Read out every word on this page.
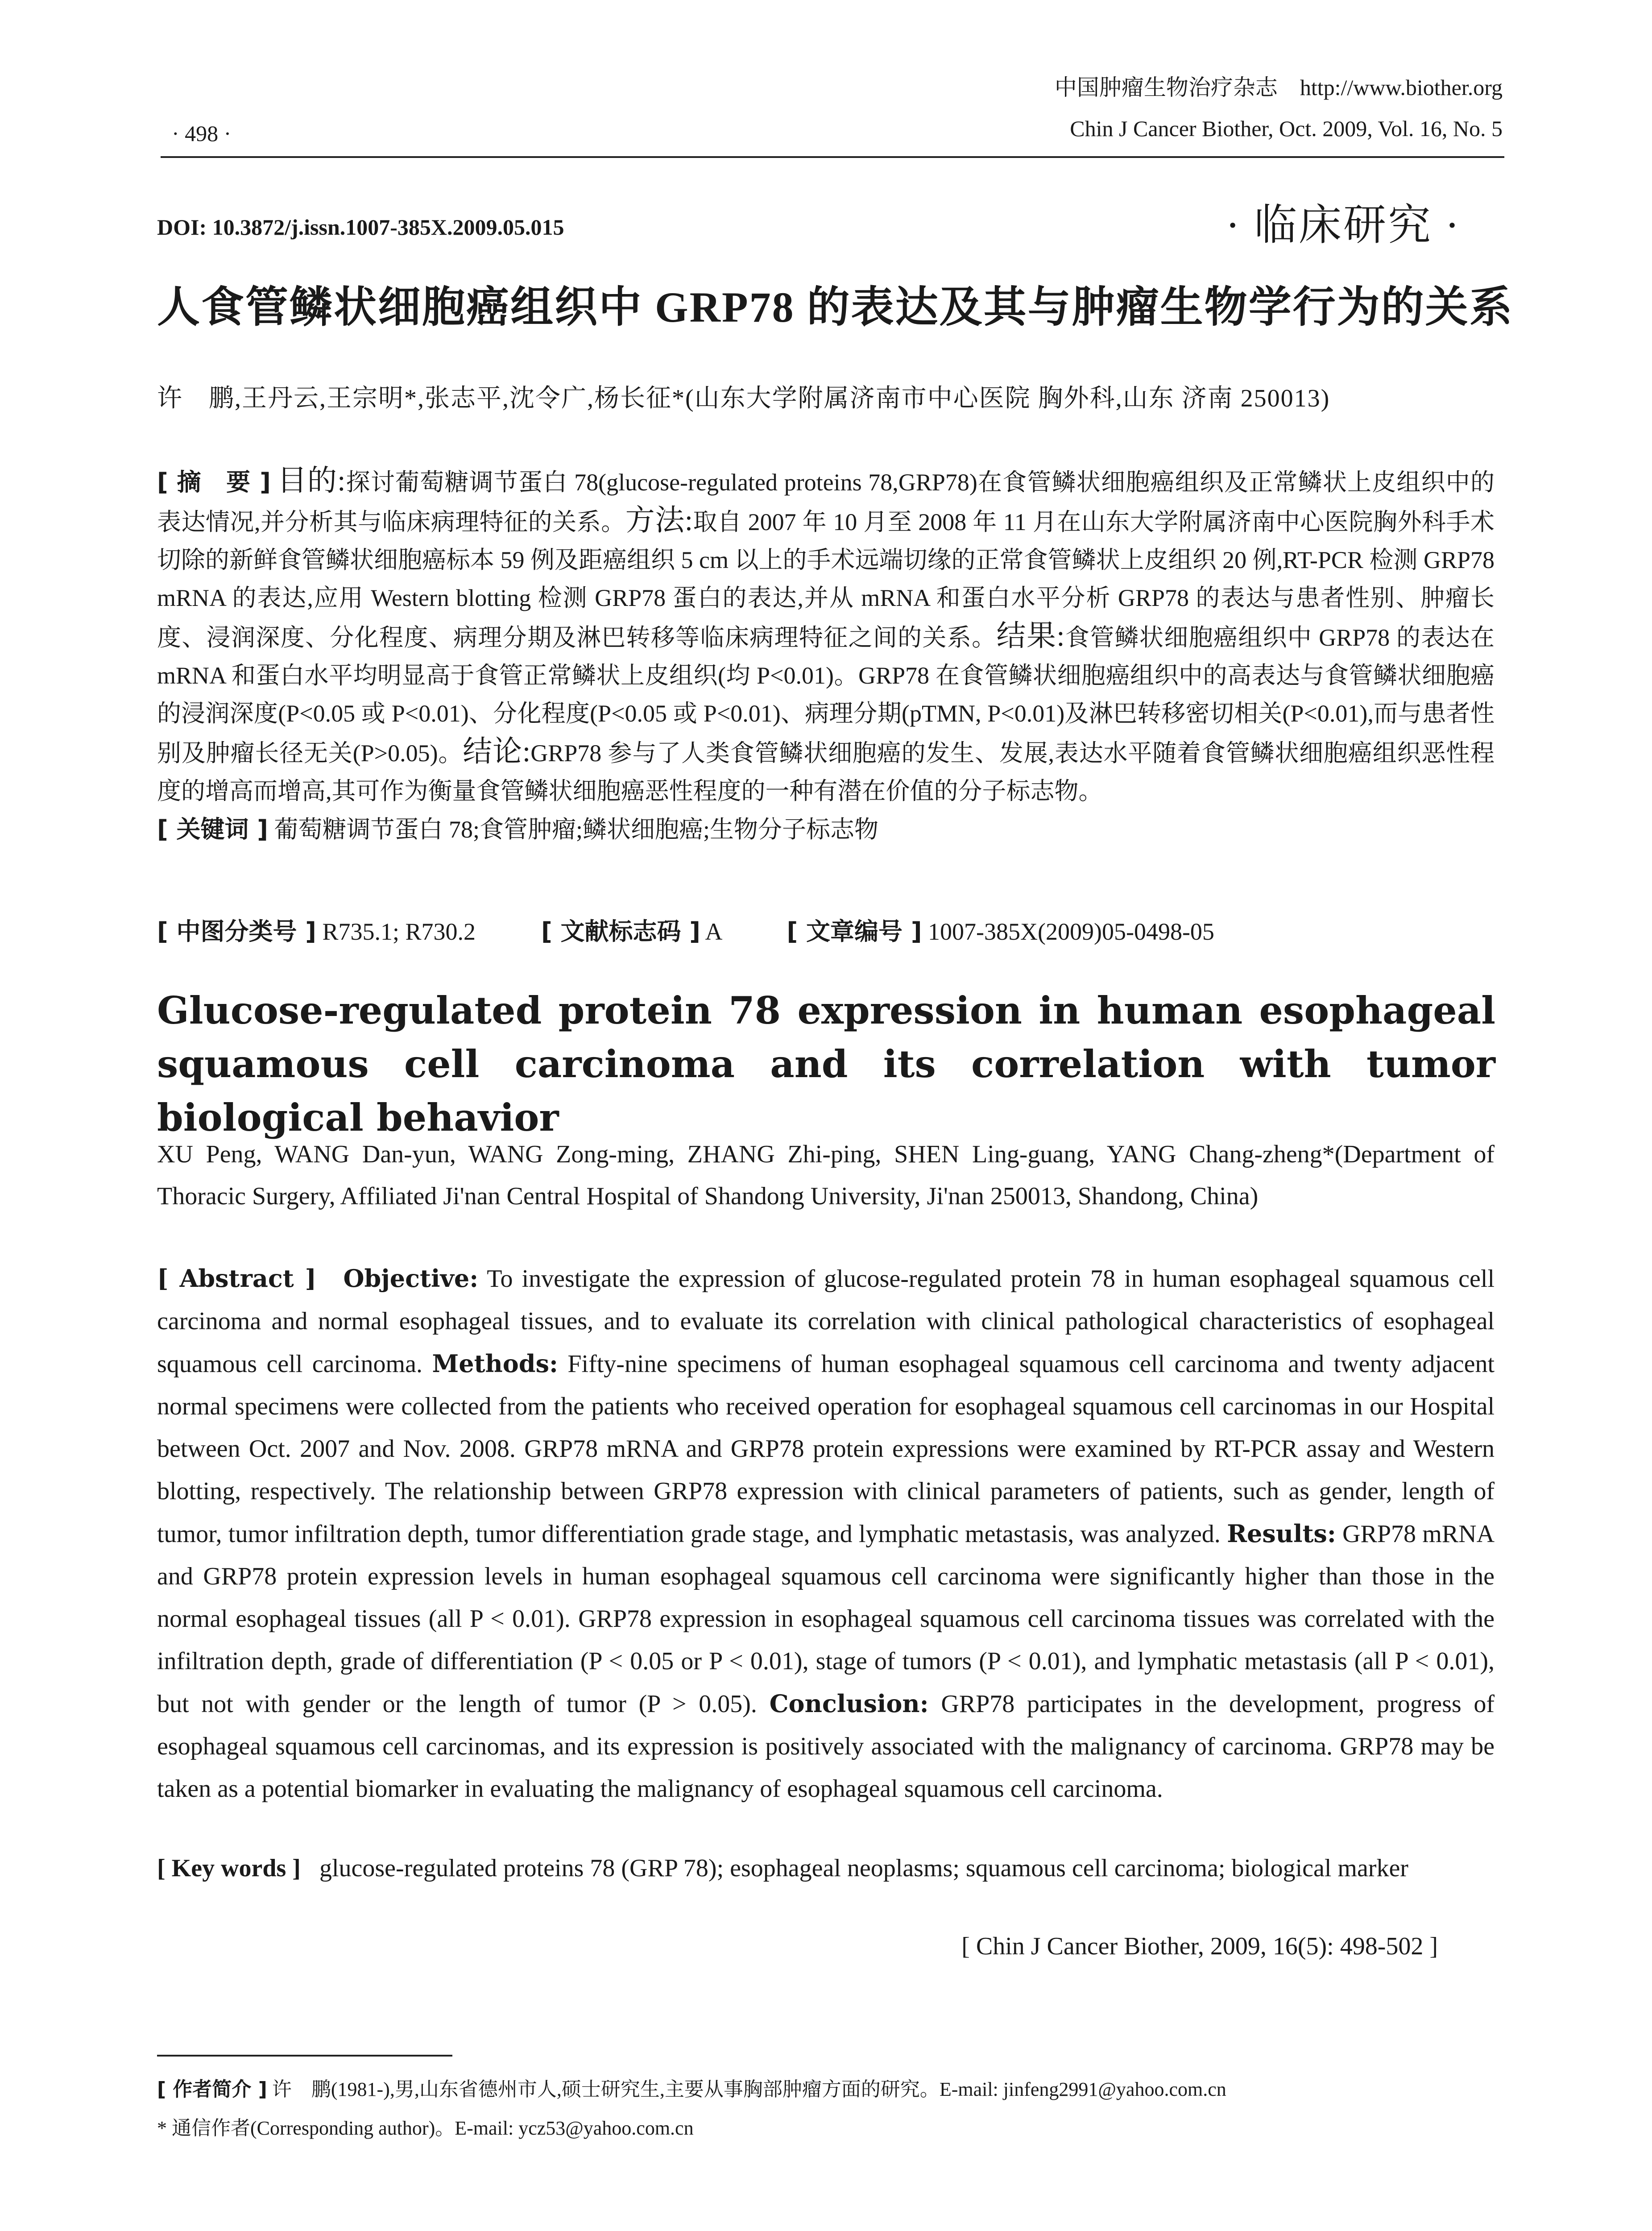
· 498 ·
中国肿瘤生物治疗杂志　http://www.biother.org
Chin J Cancer Biother, Oct. 2009, Vol. 16, No. 5
DOI: 10.3872/j.issn.1007-385X.2009.05.015	· 临床研究 ·
人食管鳞状细胞癌组织中 GRP78 的表达及其与肿瘤生物学行为的关系
许　鹏,王丹云,王宗明*,张志平,沈令广,杨长征*(山东大学附属济南市中心医院 胸外科,山东 济南 250013)
[ 摘　要 ] 目的:探讨葡萄糖调节蛋白 78(glucose-regulated proteins 78,GRP78)在食管鳞状细胞癌组织及正常鳞状上皮组织中的表达情况,并分析其与临床病理特征的关系。方法:取自 2007 年 10 月至 2008 年 11 月在山东大学附属济南中心医院胸外科手术切除的新鲜食管鳞状细胞癌标本 59 例及距癌组织 5 cm 以上的手术远端切缘的正常食管鳞状上皮组织 20 例,RT-PCR 检测 GRP78 mRNA 的表达,应用 Western blotting 检测 GRP78 蛋白的表达,并从 mRNA 和蛋白水平分析 GRP78 的表达与患者性别、肿瘤长度、浸润深度、分化程度、病理分期及淋巴转移等临床病理特征之间的关系。结果:食管鳞状细胞癌组织中 GRP78 的表达在 mRNA 和蛋白水平均明显高于食管正常鳞状上皮组织(均 P<0.01)。GRP78 在食管鳞状细胞癌组织中的高表达与食管鳞状细胞癌的浸润深度(P<0.05 或 P<0.01)、分化程度(P<0.05 或 P<0.01)、病理分期(pTMN, P<0.01)及淋巴转移密切相关(P<0.01),而与患者性别及肿瘤长径无关(P>0.05)。结论:GRP78 参与了人类食管鳞状细胞癌的发生、发展,表达水平随着食管鳞状细胞癌组织恶性程度的增高而增高,其可作为衡量食管鳞状细胞癌恶性程度的一种有潜在价值的分子标志物。
[ 关键词 ] 葡萄糖调节蛋白 78;食管肿瘤;鳞状细胞癌;生物分子标志物
[ 中图分类号 ] R735.1; R730.2	[ 文献标志码 ] A	[ 文章编号 ] 1007-385X(2009)05-0498-05
Glucose-regulated protein 78 expression in human esophageal squamous cell carcinoma and its correlation with tumor biological behavior
XU Peng, WANG Dan-yun, WANG Zong-ming, ZHANG Zhi-ping, SHEN Ling-guang, YANG Chang-zheng*(Department of Thoracic Surgery, Affiliated Ji'nan Central Hospital of Shandong University, Ji'nan 250013, Shandong, China)
[ Abstract ] Objective: To investigate the expression of glucose-regulated protein 78 in human esophageal squamous cell carcinoma and normal esophageal tissues, and to evaluate its correlation with clinical pathological characteristics of esophageal squamous cell carcinoma. Methods: Fifty-nine specimens of human esophageal squamous cell carcinoma and twenty adjacent normal specimens were collected from the patients who received operation for esophageal squamous cell carcinomas in our Hospital between Oct. 2007 and Nov. 2008. GRP78 mRNA and GRP78 protein expressions were examined by RT-PCR assay and Western blotting, respectively. The relationship between GRP78 expression with clinical parameters of patients, such as gender, length of tumor, tumor infiltration depth, tumor differentiation grade stage, and lymphatic metastasis, was analyzed. Results: GRP78 mRNA and GRP78 protein expression levels in human esophageal squamous cell carcinoma were significantly higher than those in the normal esophageal tissues (all P < 0.01). GRP78 expression in esophageal squamous cell carcinoma tissues was correlated with the infiltration depth, grade of differentiation (P < 0.05 or P < 0.01), stage of tumors (P < 0.01), and lymphatic metastasis (all P < 0.01), but not with gender or the length of tumor (P > 0.05). Conclusion: GRP78 participates in the development, progress of esophageal squamous cell carcinomas, and its expression is positively associated with the malignancy of carcinoma. GRP78 may be taken as a potential biomarker in evaluating the malignancy of esophageal squamous cell carcinoma.
[ Key words ] glucose-regulated proteins 78 (GRP 78); esophageal neoplasms; squamous cell carcinoma; biological marker
[ Chin J Cancer Biother, 2009, 16(5): 498-502 ]
[ 作者简介 ] 许　鹏(1981-),男,山东省德州市人,硕士研究生,主要从事胸部肿瘤方面的研究。E-mail: jinfeng2991@yahoo.com.cn
* 通信作者(Corresponding author)。E-mail: ycz53@yahoo.com.cn
